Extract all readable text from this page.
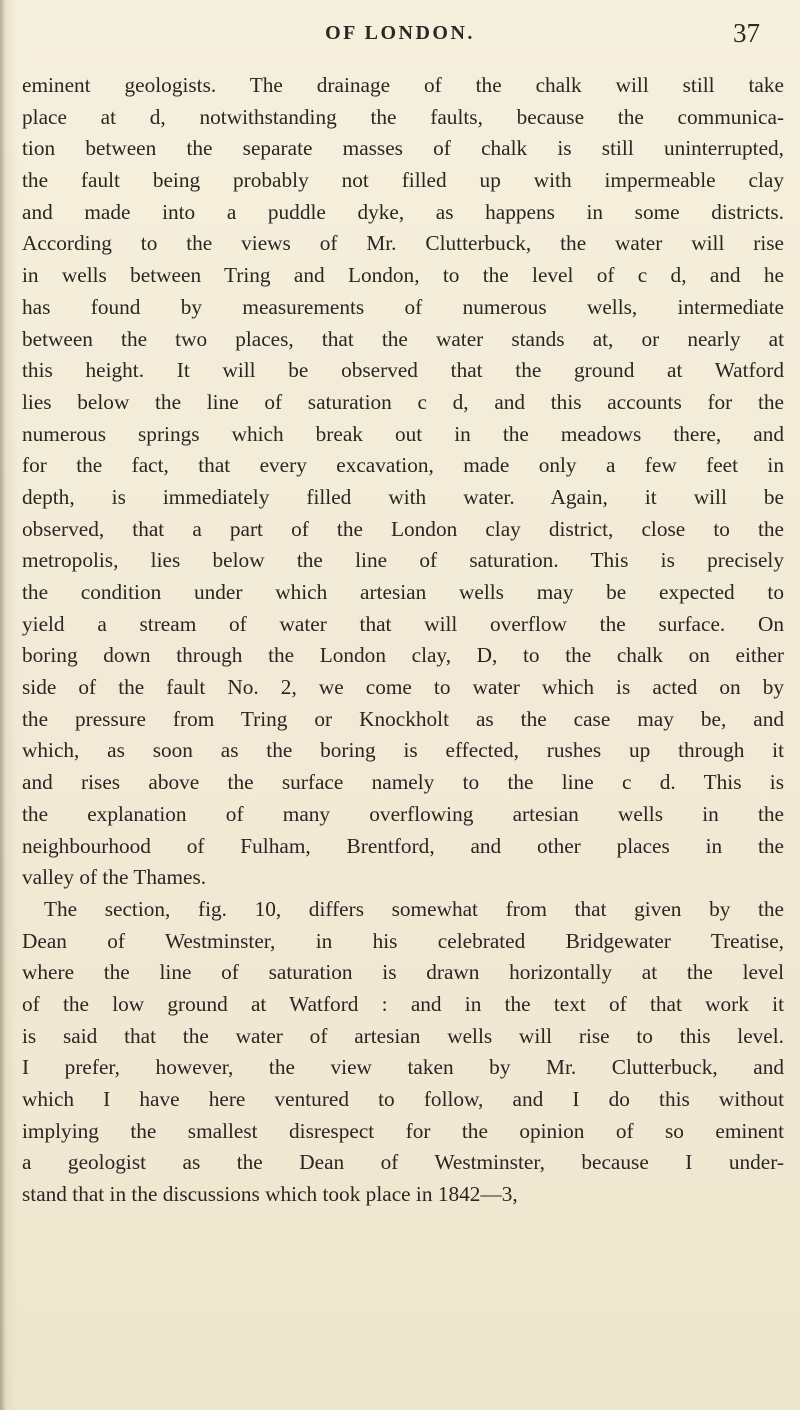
OF LONDON.	37
eminent geologists. The drainage of the chalk will still take
place at d, notwithstanding the faults, because the communica-
tion between the separate masses of chalk is still uninterrupted,
the fault being probably not filled up with impermeable clay
and made into a puddle dyke, as happens in some districts.
According to the views of Mr. Clutterbuck, the water will rise
in wells between Tring and London, to the level of c d, and he
has found by measurements of numerous wells, intermediate
between the two places, that the water stands at, or nearly at
this height. It will be observed that the ground at Watford
lies below the line of saturation c d, and this accounts for the
numerous springs which break out in the meadows there, and
for the fact, that every excavation, made only a few feet in
depth, is immediately filled with water. Again, it will be
observed, that a part of the London clay district, close to the
metropolis, lies below the line of saturation. This is precisely
the condition under which artesian wells may be expected to
yield a stream of water that will overflow the surface. On
boring down through the London clay, D, to the chalk on either
side of the fault No. 2, we come to water which is acted on by
the pressure from Tring or Knockholt as the case may be, and
which, as soon as the boring is effected, rushes up through it
and rises above the surface namely to the line c d. This is
the explanation of many overflowing artesian wells in the
neighbourhood of Fulham, Brentford, and other places in the
valley of the Thames.
The section, fig. 10, differs somewhat from that given by the
Dean of Westminster, in his celebrated Bridgewater Treatise,
where the line of saturation is drawn horizontally at the level
of the low ground at Watford : and in the text of that work it
is said that the water of artesian wells will rise to this level.
I prefer, however, the view taken by Mr. Clutterbuck, and
which I have here ventured to follow, and I do this without
implying the smallest disrespect for the opinion of so eminent
a geologist as the Dean of Westminster, because I under-
stand that in the discussions which took place in 1842—3,
